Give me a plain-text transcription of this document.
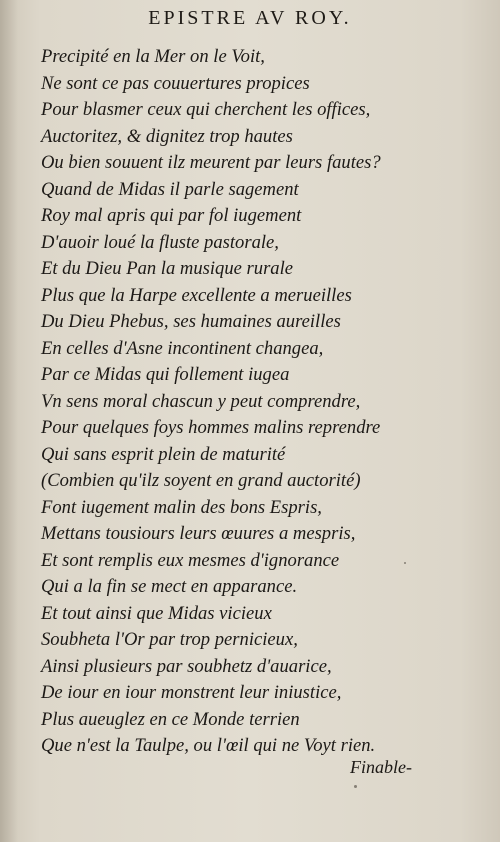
EPISTRE AV ROY.
Precipité en la Mer on le Voit,
Ne sont ce pas couuertures propices
Pour blasmer ceux qui cherchent les offices,
Auctoritez, & dignitez trop hautes
Ou bien souuent ilz meurent par leurs fautes?
Quand de Midas il parle sagement
Roy mal apris qui par fol iugement
D'auoir loué la fluste pastorale,
Et du Dieu Pan la musique rurale
Plus que la Harpe excellente a merueilles
Du Dieu Phebus, ses humaines aureilles
En celles d'Asne incontinent changea,
Par ce Midas qui follement iugea
Vn sens moral chascun y peut comprendre,
Pour quelques foys hommes malins reprendre
Qui sans esprit plein de maturité
(Combien qu'ilz soyent en grand auctorité)
Font iugement malin des bons Espris,
Mettans tousiours leurs œuures a mespris,
Et sont remplis eux mesmes d'ignorance
Qui a la fin se mect en apparance.
Et tout ainsi que Midas vicieux
Soubheta l'Or par trop pernicieux,
Ainsi plusieurs par soubhetz d'auarice,
De iour en iour monstrent leur iniustice,
Plus aueuglez en ce Monde terrien
Que n'est la Taulpe, ou l'œil qui ne Voyt rien.
Finable-
